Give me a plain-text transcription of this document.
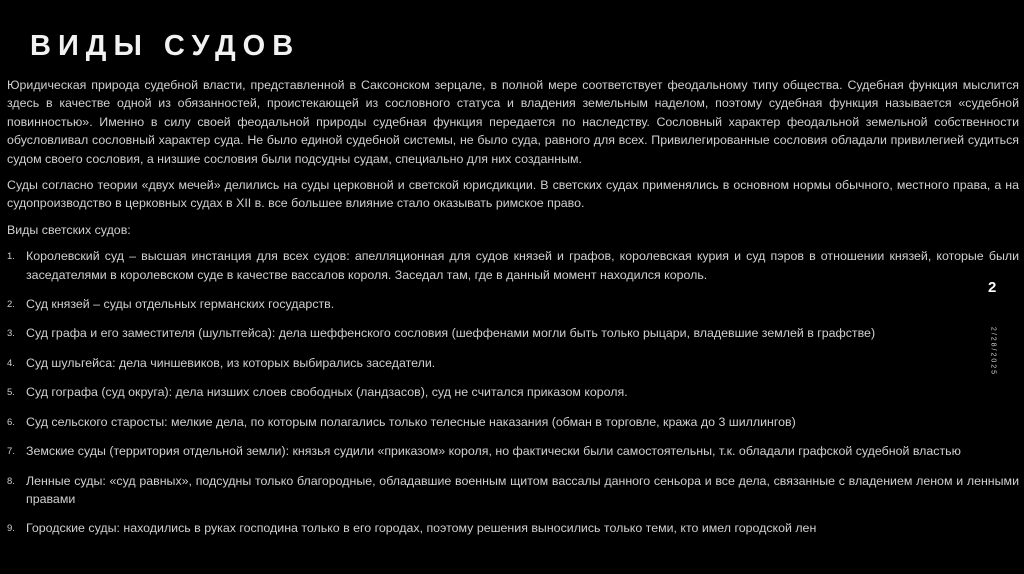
ВИДЫ СУДОВ

Юридическая природа судебной власти, представленной в Саксонском зерцале, в полной мере соответствует феодальному типу общества. Судебная функция мыслится здесь в качестве одной из обязанностей, проистекающей из сословного статуса и владения земельным наделом, поэтому судебная функция называется «судебной повинностью». Именно в силу своей феодальной природы судебная функция передается по наследству. Сословный характер феодальной земельной собственности обусловливал сословный характер суда. Не было единой судебной системы, не было суда, равного для всех. Привилегированные сословия обладали привилегией судиться судом своего сословия, а низшие сословия были подсудны судам, специально для них созданным.

Суды согласно теории «двух мечей» делились на суды церковной и светской юрисдикции. В светских судах применялись в основном нормы обычного, местного права, а на судопроизводство в церковных судах в XII в. все большее влияние стало оказывать римское право.

Виды светских судов:

1. Королевский суд – высшая инстанция для всех судов: апелляционная для судов князей и графов, королевская курия и суд пэров в отношении князей, которые были заседателями в королевском суде в качестве вассалов короля. Заседал там, где в данный момент находился король.
2. Суд князей – суды отдельных германских государств.
3. Суд графа и его заместителя (шультгейса): дела шеффенского сословия (шеффенами могли быть только рыцари, владевшие землей в графстве)
4. Суд шульгейса: дела чиншевиков, из которых выбирались заседатели.
5. Суд гографа (суд округа): дела низших слоев свободных (ландзасов), суд не считался приказом короля.
6. Суд сельского старосты: мелкие дела, по которым полагались только телесные наказания (обман в торговле, кража до 3 шиллингов)
7. Земские суды (территория отдельной земли): князья судили «приказом» короля, но фактически были самостоятельны, т.к. обладали графской судебной властью
8. Ленные суды: «суд равных», подсудны только благородные, обладавшие военным щитом вассалы данного сеньора и все дела, связанные с владением леном и ленными правами
9. Городские суды: находились в руках господина только в его городах, поэтому решения выносились только теми, кто имел городской лен
2
2/28/2025
